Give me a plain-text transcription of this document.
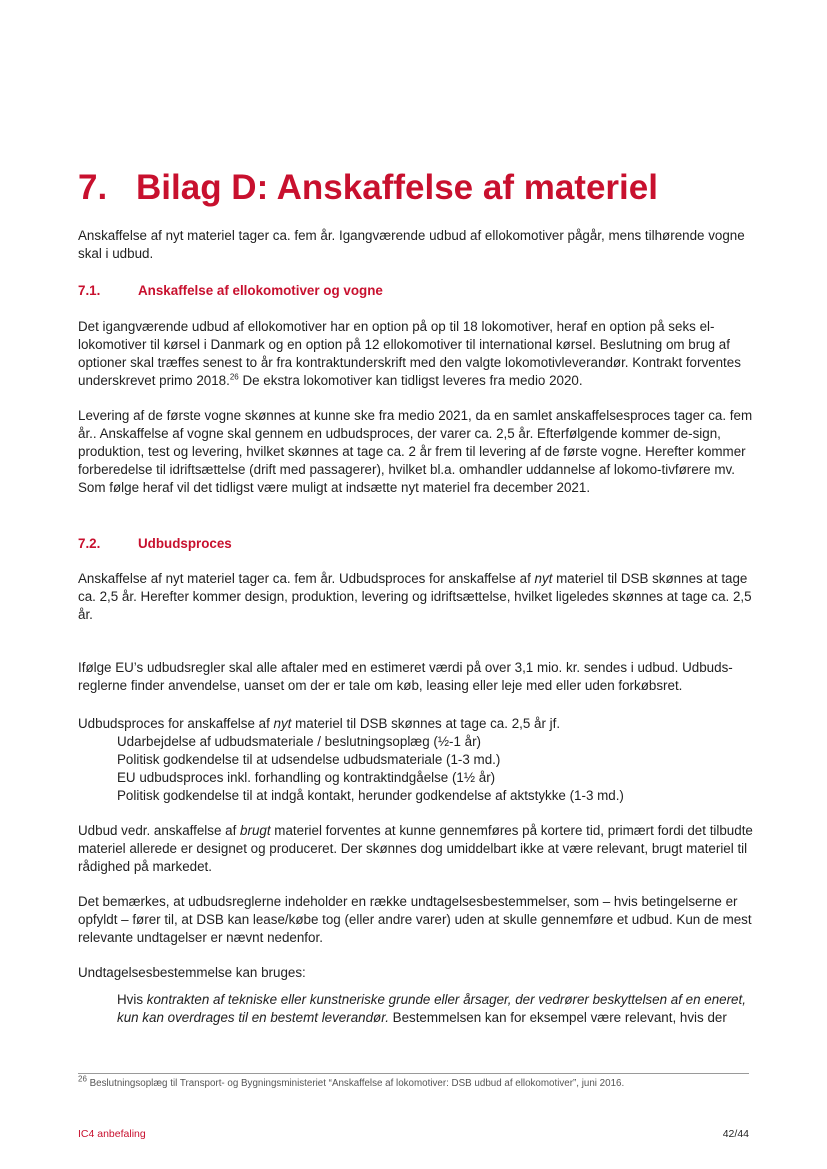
7. Bilag D: Anskaffelse af materiel
Anskaffelse af nyt materiel tager ca. fem år. Igangværende udbud af ellokomotiver pågår, mens tilhørende vogne skal i udbud.
7.1.	Anskaffelse af ellokomotiver og vogne
Det igangværende udbud af ellokomotiver har en option på op til 18 lokomotiver, heraf en option på seks el-lokomotiver til kørsel i Danmark og en option på 12 ellokomotiver til international kørsel. Beslutning om brug af optioner skal træffes senest to år fra kontraktunderskrift med den valgte lokomotivleverandør. Kontrakt forventes underskrevet primo 2018.26 De ekstra lokomotiver kan tidligst leveres fra medio 2020.
Levering af de første vogne skønnes at kunne ske fra medio 2021, da en samlet anskaffelsesproces tager ca. fem år.. Anskaffelse af vogne skal gennem en udbudsproces, der varer ca. 2,5 år. Efterfølgende kommer de-sign, produktion, test og levering, hvilket skønnes at tage ca. 2 år frem til levering af de første vogne. Herefter kommer forberedelse til idriftsættelse (drift med passagerer), hvilket bl.a. omhandler uddannelse af lokomo-tivførere mv. Som følge heraf vil det tidligst være muligt at indsætte nyt materiel fra december 2021.
7.2.	Udbudsproces
Anskaffelse af nyt materiel tager ca. fem år. Udbudsproces for anskaffelse af nyt materiel til DSB skønnes at tage ca. 2,5 år. Herefter kommer design, produktion, levering og idriftsættelse, hvilket ligeledes skønnes at tage ca. 2,5 år.
Ifølge EU’s udbudsregler skal alle aftaler med en estimeret værdi på over 3,1 mio. kr. sendes i udbud. Udbuds-reglerne finder anvendelse, uanset om der er tale om køb, leasing eller leje med eller uden forkøbsret.
Udbudsproces for anskaffelse af nyt materiel til DSB skønnes at tage ca. 2,5 år jf.
Udarbejdelse af udbudsmateriale / beslutningsoplæg (½-1 år)
Politisk godkendelse til at udsendelse udbudsmateriale (1-3 md.)
EU udbudsproces inkl. forhandling og kontraktindgåelse (1½ år)
Politisk godkendelse til at indgå kontakt, herunder godkendelse af aktstykke (1-3 md.)
Udbud vedr. anskaffelse af brugt materiel forventes at kunne gennemføres på kortere tid, primært fordi det tilbudte materiel allerede er designet og produceret. Der skønnes dog umiddelbart ikke at være relevant, brugt materiel til rådighed på markedet.
Det bemærkes, at udbudsreglerne indeholder en række undtagelsesbestemmelser, som – hvis betingelserne er opfyldt – fører til, at DSB kan lease/købe tog (eller andre varer) uden at skulle gennemføre et udbud. Kun de mest relevante undtagelser er nævnt nedenfor.
Undtagelsesbestemmelse kan bruges:
Hvis kontrakten af tekniske eller kunstneriske grunde eller årsager, der vedrører beskyttelsen af en eneret, kun kan overdrages til en bestemt leverandør. Bestemmelsen kan for eksempel være relevant, hvis der
$^{26}$ Beslutningsoplæg til Transport- og Bygningsministeriet “Anskaffelse af lokomotiver: DSB udbud af ellokomotiver”, juni 2016.
IC4 anbefaling	42/44
